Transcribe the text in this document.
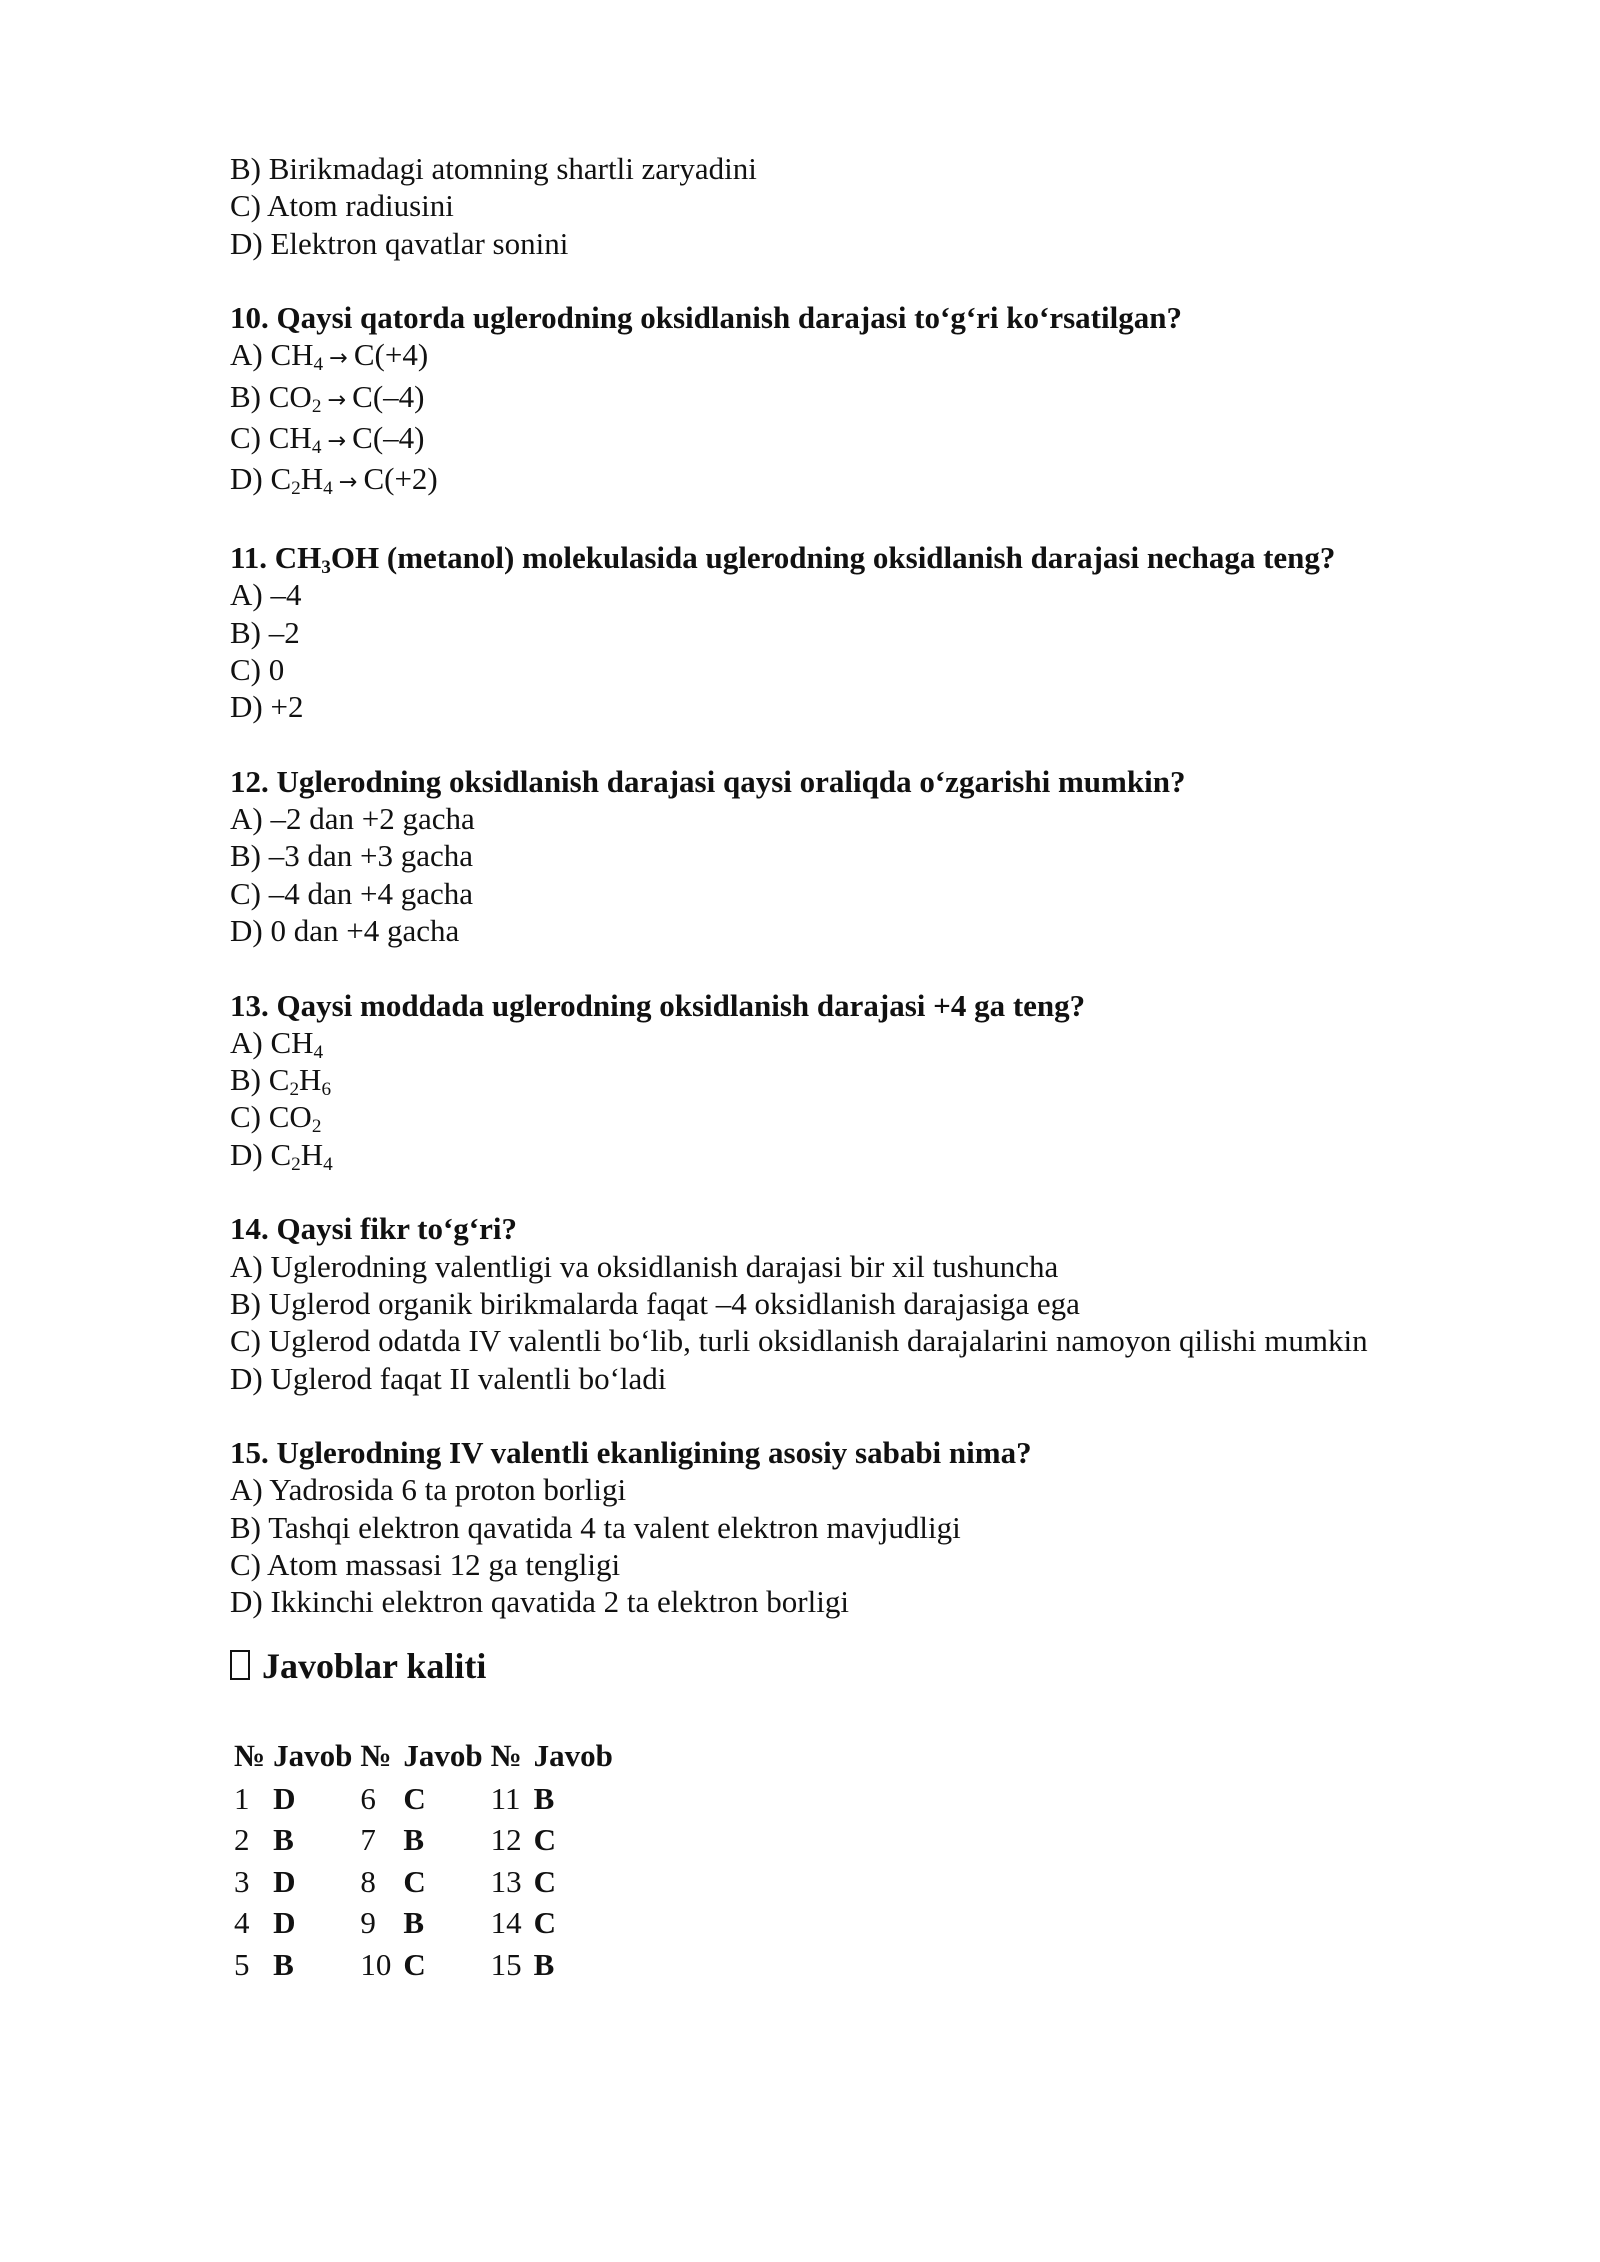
B) Birikmadagi atomning shartli zaryadini
C) Atom radiusini
D) Elektron qavatlar sonini
10. Qaysi qatorda uglerodning oksidlanish darajasi to‘g‘ri ko‘rsatilgan?
A) $CH_4 \to C(+4)$
B) $CO_2 \to C(-4)$
C) $CH_4 \to C(-4)$
D) $C_2H_4 \to C(+2)$
11. $CH_3OH$ (metanol) molekulasida uglerodning oksidlanish darajasi nechaga teng?
A) –4
B) –2
C) 0
D) +2
12. Uglerodning oksidlanish darajasi qaysi oraliqda o‘zgarishi mumkin?
A) –2 dan +2 gacha
B) –3 dan +3 gacha
C) –4 dan +4 gacha
D) 0 dan +4 gacha
13. Qaysi moddada uglerodning oksidlanish darajasi +4 ga teng?
A) $CH_4$
B) $C_2H_6$
C) $CO_2$
D) $C_2H_4$
14. Qaysi fikr to‘g‘ri?
A) Uglerodning valentligi va oksidlanish darajasi bir xil tushuncha
B) Uglerod organik birikmalarda faqat –4 oksidlanish darajasiga ega
C) Uglerod odatda IV valentli bo‘lib, turli oksidlanish darajalarini namoyon qilishi mumkin
D) Uglerod faqat II valentli bo‘ladi
15. Uglerodning IV valentli ekanligining asosiy sababi nima?
A) Yadrosida 6 ta proton borligi
B) Tashqi elektron qavatida 4 ta valent elektron mavjudligi
C) Atom massasi 12 ga tengligi
D) Ikkinchi elektron qavatida 2 ta elektron borligi
Javoblar kaliti
№	Javob	№	Javob	№	Javob
1	D	6	C	11	B
2	B	7	B	12	C
3	D	8	C	13	C
4	D	9	B	14	C
5	B	10	C	15	B
